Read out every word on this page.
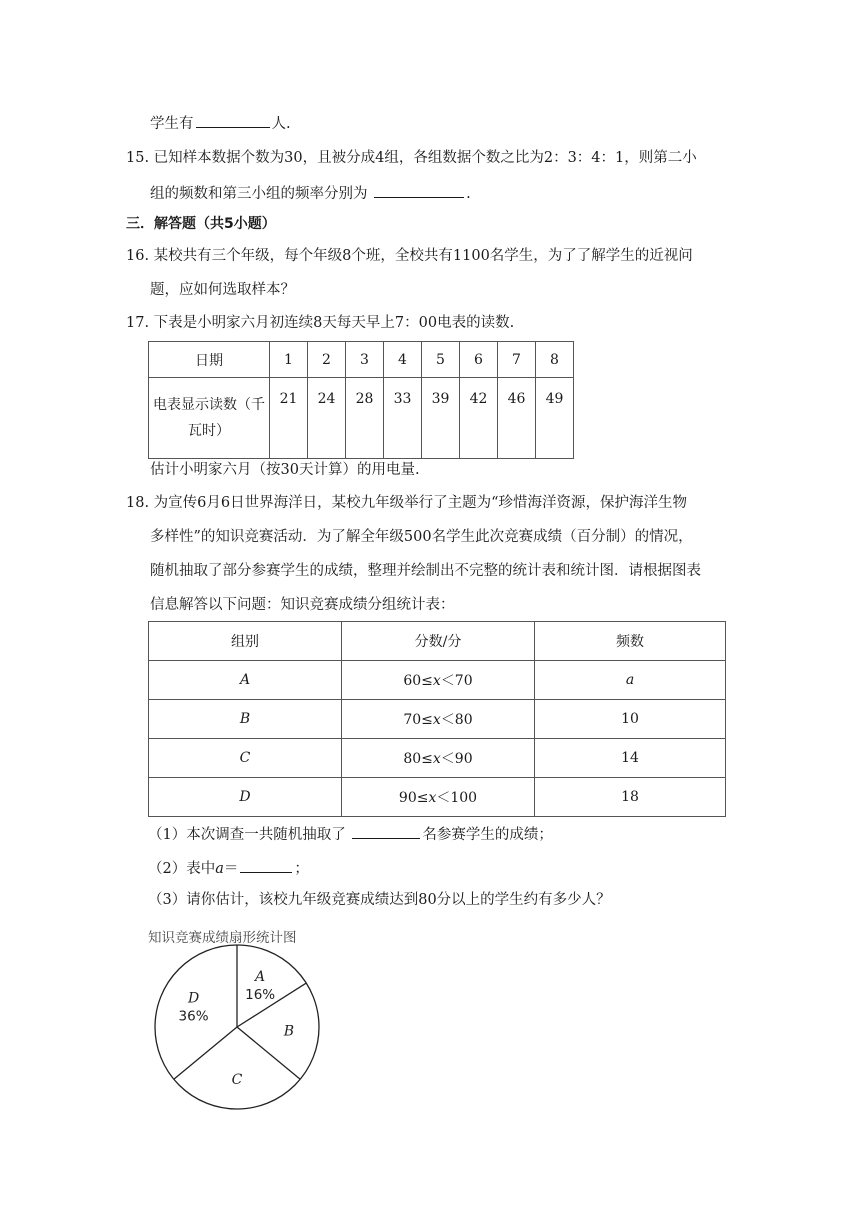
学生有	人.
15. 已知样本数据个数为30，且被分成4组，各组数据个数之比为2：3：4：1，则第二小
组的频数和第三小组的频率分别为	.
三．解答题（共5小题）
16. 某校共有三个年级，每个年级8个班，全校共有1100名学生，为了了解学生的近视问
题，应如何选取样本？
17. 下表是小明家六月初连续8天每天早上7：00电表的读数.
日期	1	2	3	4	5	6	7	8

电表显示读数（千
瓦时）	21	24	28	33	39	42	46	49
估计小明家六月（按30天计算）的用电量.
18. 为宣传6月6日世界海洋日，某校九年级举行了主题为“珍惜海洋资源，保护海洋生物
多样性”的知识竞赛活动．为了解全年级500名学生此次竞赛成绩（百分制）的情况，
随机抽取了部分参赛学生的成绩，整理并绘制出不完整的统计表和统计图．请根据图表
信息解答以下问题：知识竞赛成绩分组统计表：
组别	分数/分	频数
A	60≤x＜70	a
B	70≤x＜80	10
C	80≤x＜90	14
D	90≤x＜100	18
（1）本次调查一共随机抽取了	名参赛学生的成绩；
（2）表中a＝	；
（3）请你估计，该校九年级竞赛成绩达到80分以上的学生约有多少人？
知识竞赛成绩扇形统计图
A
16%
B
C
D
36%
